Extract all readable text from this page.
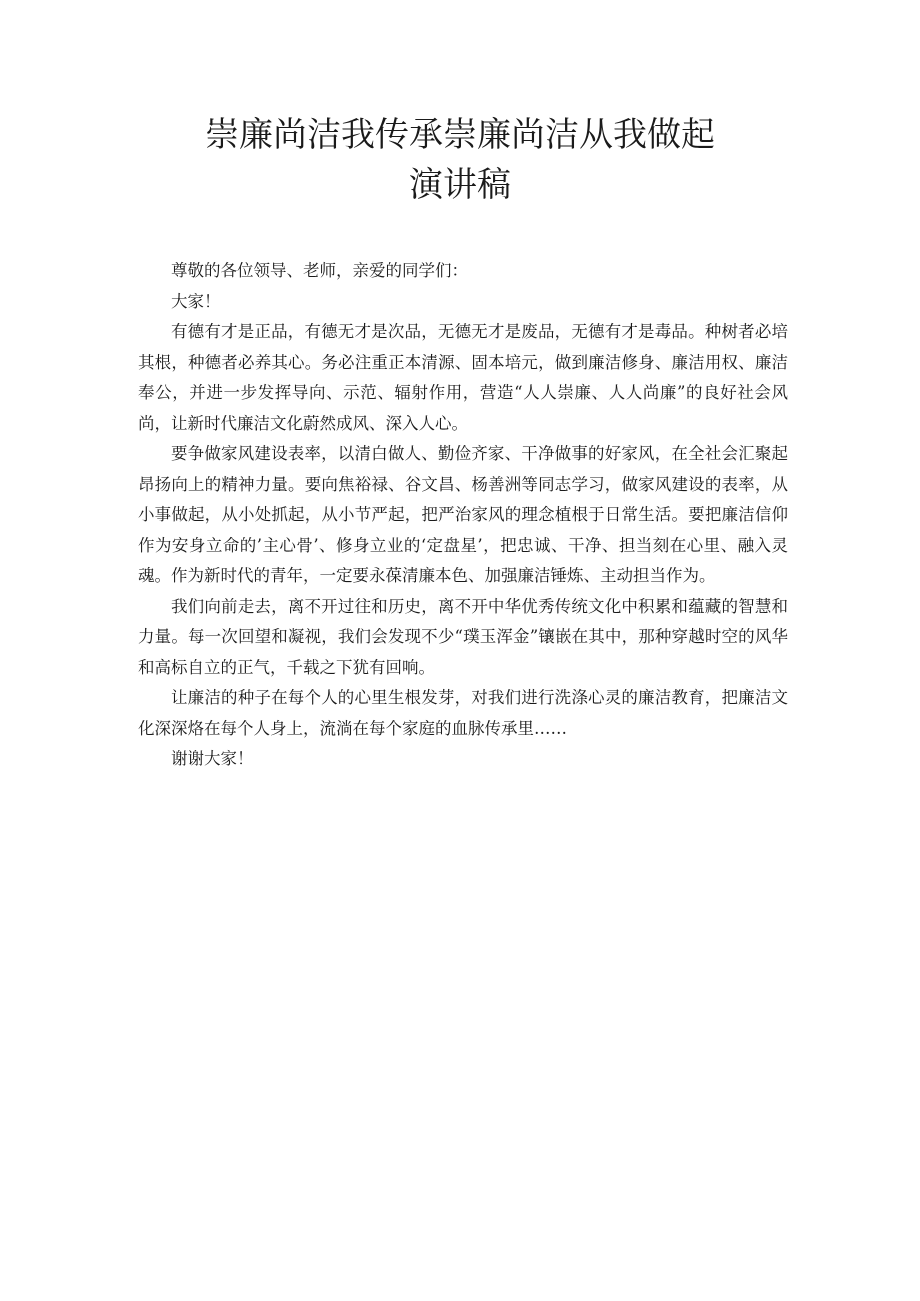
崇廉尚洁我传承崇廉尚洁从我做起
演讲稿

尊敬的各位领导、老师，亲爱的同学们：

大家！

有德有才是正品，有德无才是次品，无德无才是废品，无德有才是毒品。种树者必培其根，种德者必养其心。务必注重正本清源、固本培元，做到廉洁修身、廉洁用权、廉洁奉公，并进一步发挥导向、示范、辐射作用，营造“人人崇廉、人人尚廉”的良好社会风尚，让新时代廉洁文化蔚然成风、深入人心。

要争做家风建设表率，以清白做人、勤俭齐家、干净做事的好家风，在全社会汇聚起昂扬向上的精神力量。要向焦裕禄、谷文昌、杨善洲等同志学习，做家风建设的表率，从小事做起，从小处抓起，从小节严起，把严治家风的理念植根于日常生活。要把廉洁信仰作为安身立命的’主心骨’、修身立业的‘定盘星’，把忠诚、干净、担当刻在心里、融入灵魂。作为新时代的青年，一定要永葆清廉本色、加强廉洁锤炼、主动担当作为。

我们向前走去，离不开过往和历史，离不开中华优秀传统文化中积累和蕴藏的智慧和力量。每一次回望和凝视，我们会发现不少“璞玉浑金”镶嵌在其中，那种穿越时空的风华和高标自立的正气，千载之下犹有回响。

让廉洁的种子在每个人的心里生根发芽，对我们进行洗涤心灵的廉洁教育，把廉洁文化深深烙在每个人身上，流淌在每个家庭的血脉传承里……

谢谢大家！
